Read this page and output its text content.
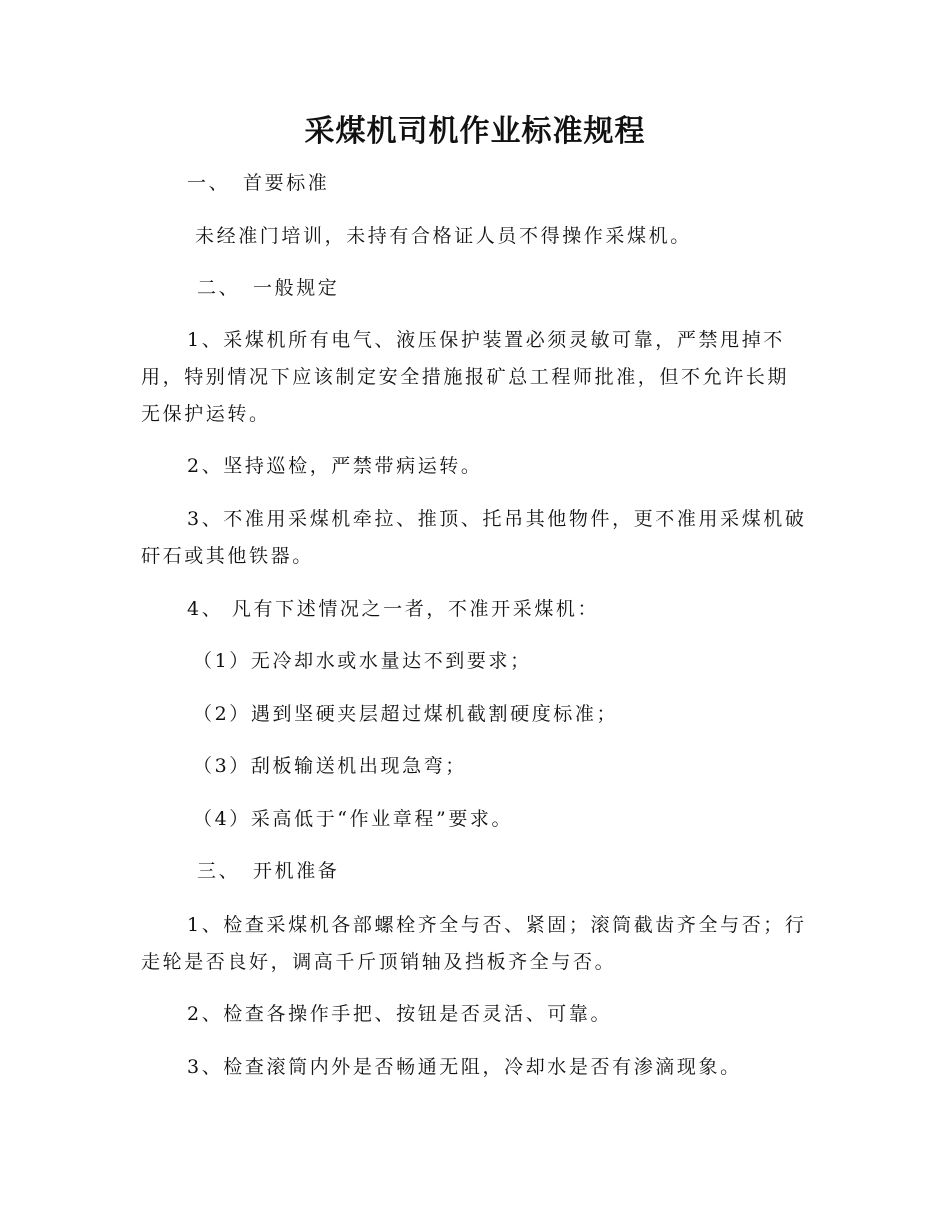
采煤机司机作业标准规程
一、 首要标准
未经准门培训，未持有合格证人员不得操作采煤机。
二、 一般规定
1、采煤机所有电气、液压保护装置必须灵敏可靠，严禁甩掉不
用，特别情况下应该制定安全措施报矿总工程师批准，但不允许长期
无保护运转。
2、坚持巡检，严禁带病运转。
3、不准用采煤机牵拉、推顶、托吊其他物件，更不准用采煤机破
矸石或其他铁器。
4、 凡有下述情况之一者，不准开采煤机：
（1）无冷却水或水量达不到要求；
（2）遇到坚硬夹层超过煤机截割硬度标准；
（3）刮板输送机出现急弯；
（4）采高低于“作业章程”要求。
三、 开机准备
1、检查采煤机各部螺栓齐全与否、紧固；滚筒截齿齐全与否；行
走轮是否良好，调高千斤顶销轴及挡板齐全与否。
2、检查各操作手把、按钮是否灵活、可靠。
3、检查滚筒内外是否畅通无阻，冷却水是否有渗滴现象。
